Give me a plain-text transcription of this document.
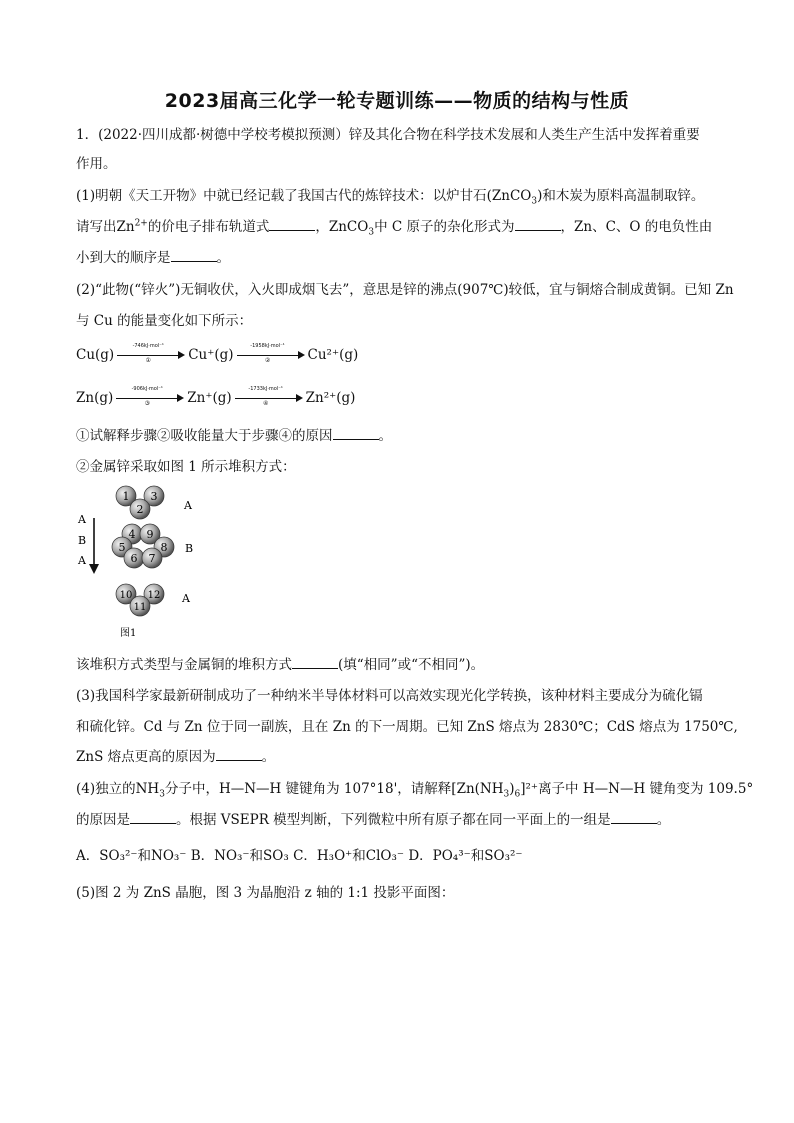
2023届高三化学一轮专题训练——物质的结构与性质
1．(2022·四川成都·树德中学校考模拟预测）锌及其化合物在科学技术发展和人类生产生活中发挥着重要
作用。
(1)明朝《天工开物》中就已经记载了我国古代的炼锌技术：以炉甘石(ZnCO$_3$)和木炭为原料高温制取锌。
请写出$Zn^{2+}$的价电子排布轨道式	，ZnCO$_3$中 C 原子的杂化形式为	，Zn、C、O 的电负性由
小到大的顺序是	。
(2)“此物(“锌火”)无铜收伏，入火即成烟飞去”，意思是锌的沸点(907℃)较低，宜与铜熔合制成黄铜。已知 Zn
与 Cu 的能量变化如下所示：
Cu(g)
-746kJ·mol⁻¹
①	Cu⁺(g)
-1958kJ·mol⁻¹
②	Cu²⁺(g)
Zn(g)
-906kJ·mol⁻¹
③	Zn⁺(g)
-1733kJ·mol⁻¹
④	Zn²⁺(g)
①试解释步骤②吸收能量大于步骤④的原因	。
②金属锌采取如图 1 所示堆积方式：
1 3
2
4 9
5	8
6 7
10 12
11
A
B
A
A
B
A
图1
该堆积方式类型与金属铜的堆积方式	(填“相同”或“不相同”)。
(3)我国科学家最新研制成功了一种纳米半导体材料可以高效实现光化学转换，该种材料主要成分为硫化镉
和硫化锌。Cd 与 Zn 位于同一副族，且在 Zn 的下一周期。已知 ZnS 熔点为 2830℃；CdS 熔点为 1750℃,
ZnS 熔点更高的原因为	。
(4)独立的$NH_3$分子中，H—N—H 键键角为 107°18'，请解释$[Zn(NH_3)_6]^{2+}$离子中 H—N—H 键角变为 109.5°
的原因是	。根据 VSEPR 模型判断，下列微粒中所有原子都在同一平面上的一组是	。
A．SO₃²⁻和NO₃⁻ B．NO₃⁻和SO₃ C．H₃O⁺和ClO₃⁻ D．PO₄³⁻和SO₃²⁻
(5)图 2 为 ZnS 晶胞，图 3 为晶胞沿 z 轴的 1:1 投影平面图：
